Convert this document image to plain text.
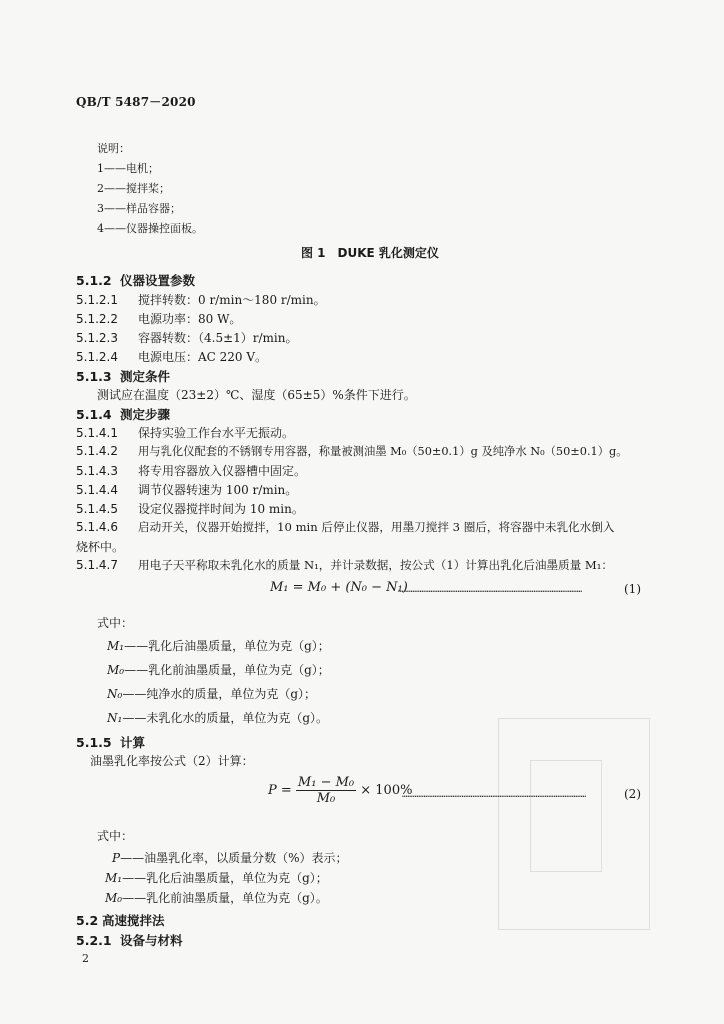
QB/T 5487－2020
说明：
1——电机；
2——搅拌桨；
3——样品容器；
4——仪器操控面板。
图 1　DUKE 乳化测定仪
5.1.2 仪器设置参数
5.1.2.1 搅拌转数：0 r/min～180 r/min。
5.1.2.2 电源功率：80 W。
5.1.2.3 容器转数：（4.5±1）r/min。
5.1.2.4 电源电压：AC 220 V。
5.1.3 测定条件
测试应在温度（23±2）℃、湿度（65±5）%条件下进行。
5.1.4 测定步骤
5.1.4.1 保持实验工作台水平无振动。
5.1.4.2 用与乳化仪配套的不锈钢专用容器，称量被测油墨 M₀（50±0.1）g 及纯净水 N₀（50±0.1）g。
5.1.4.3 将专用容器放入仪器槽中固定。
5.1.4.4 调节仪器转速为 100 r/min。
5.1.4.5 设定仪器搅拌时间为 10 min。
5.1.4.6 启动开关，仪器开始搅拌，10 min 后停止仪器，用墨刀搅拌 3 圈后，将容器中未乳化水倒入
烧杯中。
5.1.4.7 用电子天平称取未乳化水的质量 N₁，并计录数据，按公式（1）计算出乳化后油墨质量 M₁：
M₁ = M₀ + (N₀ − N₁)
…………………………………………………………………………………………	(1)
式中：
M₁——乳化后油墨质量，单位为克（g）；
M₀——乳化前油墨质量，单位为克（g）；
N₀——纯净水的质量，单位为克（g）；
N₁——未乳化水的质量，单位为克（g）。
5.1.5 计算
油墨乳化率按公式（2）计算：
$P = \frac{\text{M₁ − M₀}}{\text{M₀}} \times 100\%$
…………………………………………………………………………………………	(2)
式中：
P——油墨乳化率，以质量分数（%）表示；
M₁——乳化后油墨质量，单位为克（g）；
M₀——乳化前油墨质量，单位为克（g）。
5.2 高速搅拌法
5.2.1 设备与材料
2
